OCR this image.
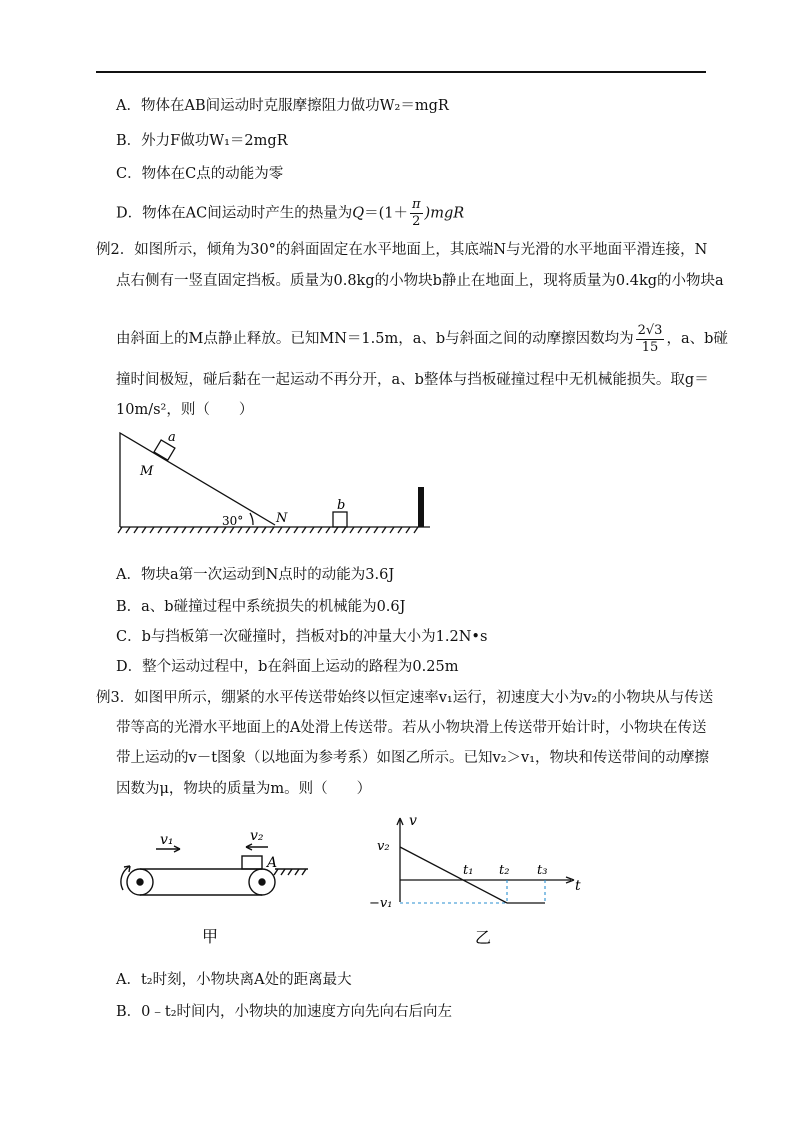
A．物体在AB间运动时克服摩擦阻力做功W₂＝mgR
B．外力F做功W₁＝2mgR
C．物体在C点的动能为零
D．物体在AC间运动时产生的热量为$Q=(1+ \frac{\pi}{2} )mgR$
例2．如图所示，倾角为30°的斜面固定在水平地面上，其底端N与光滑的水平地面平滑连接，N
点右侧有一竖直固定挡板。质量为0.8kg的小物块b静止在地面上，现将质量为0.4kg的小物块a
由斜面上的M点静止释放。已知MN＝1.5m，a、b与斜面之间的动摩擦因数均为 $\frac{2√3}{15}$ ，a、b碰
撞时间极短，碰后黏在一起运动不再分开，a、b整体与挡板碰撞过程中无机械能损失。取g＝
10m/s²，则（　　）
a
M
30°	N
b
A．物块a第一次运动到N点时的动能为3.6J
B．a、b碰撞过程中系统损失的机械能为0.6J
C．b与挡板第一次碰撞时，挡板对b的冲量大小为1.2N•s
D．整个运动过程中，b在斜面上运动的路程为0.25m
例3．如图甲所示，绷紧的水平传送带始终以恒定速率v₁运行，初速度大小为v₂的小物块从与传送
带等高的光滑水平地面上的A处滑上传送带。若从小物块滑上传送带开始计时，小物块在传送
带上运动的v－t图象（以地面为参考系）如图乙所示。已知v₂＞v₁，物块和传送带间的动摩擦
因数为μ，物块的质量为m。则（　　）
v₁	v₂
A
甲
v
v₂
t₁ t₂ t₃
t
−v₁
乙
A．t₂时刻，小物块离A处的距离最大
B．0﹣t₂时间内，小物块的加速度方向先向右后向左
